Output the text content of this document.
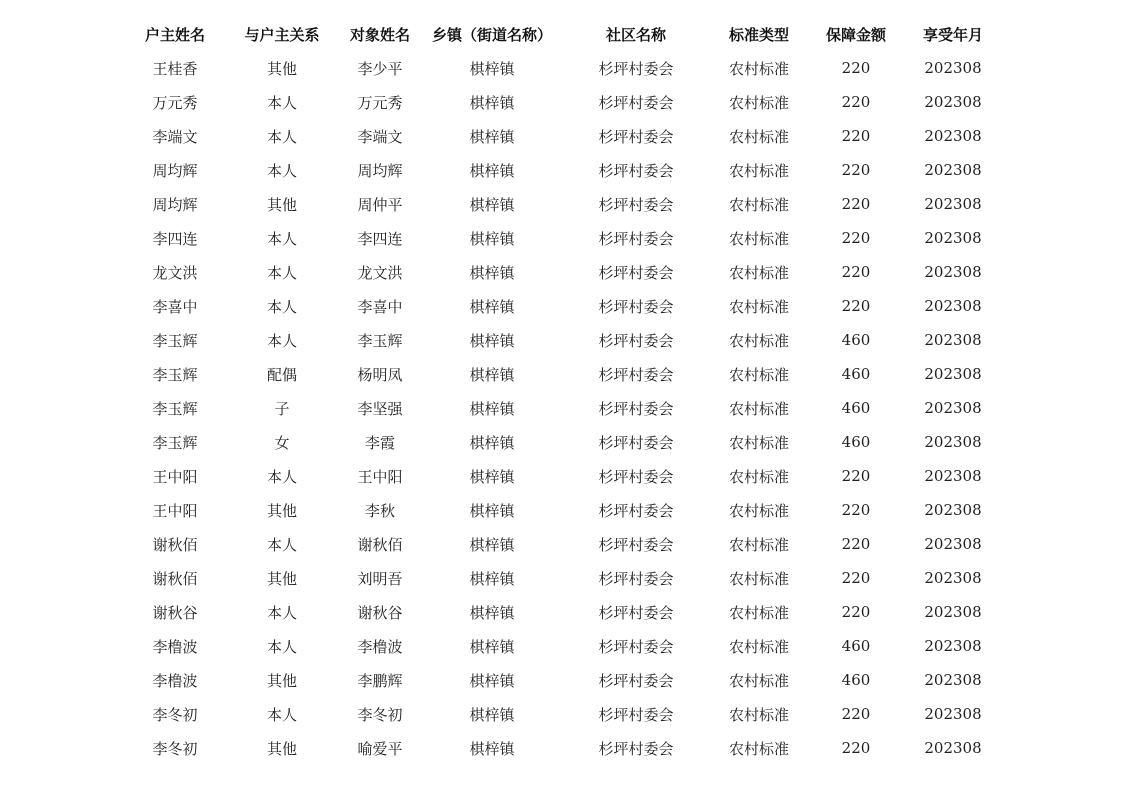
户主姓名	与户主关系	对象姓名	乡镇（街道名称）	社区名称	标准类型	保障金额	享受年月
王桂香	其他	李少平	棋梓镇	杉坪村委会	农村标准	220	202308
万元秀	本人	万元秀	棋梓镇	杉坪村委会	农村标准	220	202308
李端文	本人	李端文	棋梓镇	杉坪村委会	农村标准	220	202308
周均辉	本人	周均辉	棋梓镇	杉坪村委会	农村标准	220	202308
周均辉	其他	周仲平	棋梓镇	杉坪村委会	农村标准	220	202308
李四连	本人	李四连	棋梓镇	杉坪村委会	农村标准	220	202308
龙文洪	本人	龙文洪	棋梓镇	杉坪村委会	农村标准	220	202308
李喜中	本人	李喜中	棋梓镇	杉坪村委会	农村标准	220	202308
李玉辉	本人	李玉辉	棋梓镇	杉坪村委会	农村标准	460	202308
李玉辉	配偶	杨明凤	棋梓镇	杉坪村委会	农村标准	460	202308
李玉辉	子	李坚强	棋梓镇	杉坪村委会	农村标准	460	202308
李玉辉	女	李霞	棋梓镇	杉坪村委会	农村标准	460	202308
王中阳	本人	王中阳	棋梓镇	杉坪村委会	农村标准	220	202308
王中阳	其他	李秋	棋梓镇	杉坪村委会	农村标准	220	202308
谢秋佰	本人	谢秋佰	棋梓镇	杉坪村委会	农村标准	220	202308
谢秋佰	其他	刘明吾	棋梓镇	杉坪村委会	农村标准	220	202308
谢秋谷	本人	谢秋谷	棋梓镇	杉坪村委会	农村标准	220	202308
李橹波	本人	李橹波	棋梓镇	杉坪村委会	农村标准	460	202308
李橹波	其他	李鹏辉	棋梓镇	杉坪村委会	农村标准	460	202308
李冬初	本人	李冬初	棋梓镇	杉坪村委会	农村标准	220	202308
李冬初	其他	喻爱平	棋梓镇	杉坪村委会	农村标准	220	202308
